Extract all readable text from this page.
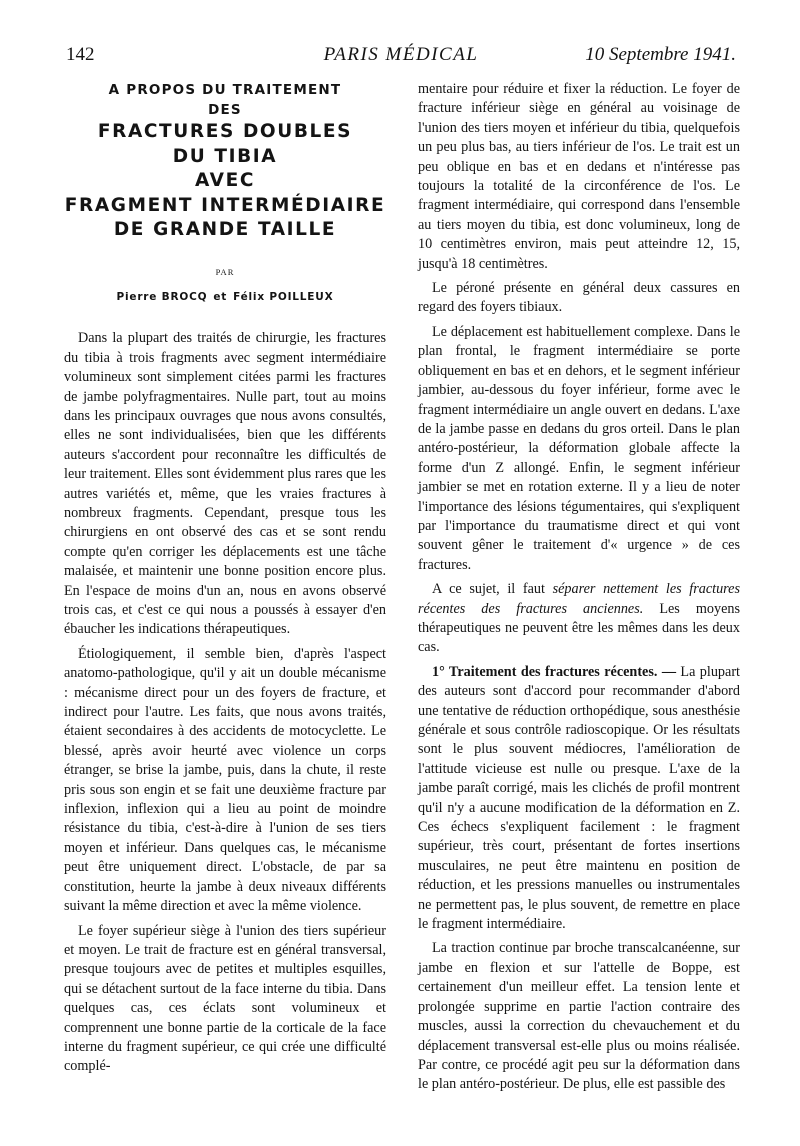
142	PARIS MÉDICAL	10 Septembre 1941.
A PROPOS DU TRAITEMENT
DES
FRACTURES DOUBLES
DU TIBIA
AVEC
FRAGMENT INTERMÉDIAIRE
DE GRANDE TAILLE
PAR
Pierre BROCQ et Félix POILLEUX

Dans la plupart des traités de chirurgie, les fractures du tibia à trois fragments avec segment intermédiaire volumineux sont simplement citées parmi les fractures de jambe polyfragmentaires. Nulle part, tout au moins dans les principaux ouvrages que nous avons consultés, elles ne sont individualisées, bien que les différents auteurs s'accordent pour reconnaître les difficultés de leur traitement. Elles sont évidemment plus rares que les autres variétés et, même, que les vraies fractures à nombreux fragments. Cependant, presque tous les chirurgiens en ont observé des cas et se sont rendu compte qu'en corriger les déplacements est une tâche malaisée, et maintenir une bonne position encore plus. En l'espace de moins d'un an, nous en avons observé trois cas, et c'est ce qui nous a poussés à essayer d'en ébaucher les indications thérapeutiques.

Étiologiquement, il semble bien, d'après l'aspect anatomo-pathologique, qu'il y ait un double mécanisme : mécanisme direct pour un des foyers de fracture, et indirect pour l'autre. Les faits, que nous avons traités, étaient secondaires à des accidents de motocyclette. Le blessé, après avoir heurté avec violence un corps étranger, se brise la jambe, puis, dans la chute, il reste pris sous son engin et se fait une deuxième fracture par inflexion, inflexion qui a lieu au point de moindre résistance du tibia, c'est-à-dire à l'union de ses tiers moyen et inférieur. Dans quelques cas, le mécanisme peut être uniquement direct. L'obstacle, de par sa constitution, heurte la jambe à deux niveaux différents suivant la même direction et avec la même violence.

Le foyer supérieur siège à l'union des tiers supérieur et moyen. Le trait de fracture est en général transversal, presque toujours avec de petites et multiples esquilles, qui se détachent surtout de la face interne du tibia. Dans quelques cas, ces éclats sont volumineux et comprennent une bonne partie de la corticale de la face interne du fragment supérieur, ce qui crée une difficulté complé-

mentaire pour réduire et fixer la réduction. Le foyer de fracture inférieur siège en général au voisinage de l'union des tiers moyen et inférieur du tibia, quelquefois un peu plus bas, au tiers inférieur de l'os. Le trait est un peu oblique en bas et en dedans et n'intéresse pas toujours la totalité de la circonférence de l'os. Le fragment intermédiaire, qui correspond dans l'ensemble au tiers moyen du tibia, est donc volumineux, long de 10 centimètres environ, mais peut atteindre 12, 15, jusqu'à 18 centimètres.

Le péroné présente en général deux cassures en regard des foyers tibiaux.

Le déplacement est habituellement complexe. Dans le plan frontal, le fragment intermédiaire se porte obliquement en bas et en dehors, et le segment inférieur jambier, au-dessous du foyer inférieur, forme avec le fragment intermédiaire un angle ouvert en dedans. L'axe de la jambe passe en dedans du gros orteil. Dans le plan antéro-postérieur, la déformation globale affecte la forme d'un Z allongé. Enfin, le segment inférieur jambier se met en rotation externe. Il y a lieu de noter l'importance des lésions tégumentaires, qui s'expliquent par l'importance du traumatisme direct et qui vont souvent gêner le traitement d'« urgence » de ces fractures.

A ce sujet, il faut séparer nettement les fractures récentes des fractures anciennes. Les moyens thérapeutiques ne peuvent être les mêmes dans les deux cas.

1° Traitement des fractures récentes. — La plupart des auteurs sont d'accord pour recommander d'abord une tentative de réduction orthopédique, sous anesthésie générale et sous contrôle radioscopique. Or les résultats sont le plus souvent médiocres, l'amélioration de l'attitude vicieuse est nulle ou presque. L'axe de la jambe paraît corrigé, mais les clichés de profil montrent qu'il n'y a aucune modification de la déformation en Z. Ces échecs s'expliquent facilement : le fragment supérieur, très court, présentant de fortes insertions musculaires, ne peut être maintenu en position de réduction, et les pressions manuelles ou instrumentales ne permettent pas, le plus souvent, de remettre en place le fragment intermédiaire.

La traction continue par broche transcalcanéenne, sur jambe en flexion et sur l'attelle de Boppe, est certainement d'un meilleur effet. La tension lente et prolongée supprime en partie l'action contraire des muscles, aussi la correction du chevauchement et du déplacement transversal est-elle plus ou moins réalisée. Par contre, ce procédé agit peu sur la déformation dans le plan antéro-postérieur. De plus, elle est passible des
